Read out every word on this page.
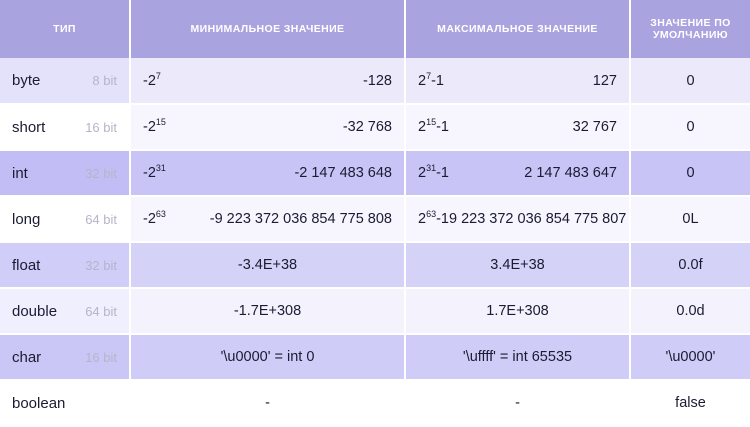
ТИП	МИНИМАЛЬНОЕ ЗНАЧЕНИЕ	МАКСИМАЛЬНОЕ ЗНАЧЕНИЕ	ЗНАЧЕНИЕ ПО УМОЛЧАНИЮ

byte 8 bit	$-2^7$ -128	$2^7-1$ 127	0

short 16 bit	$-2^{15}$ -32 768	$2^{15}-1$ 32 767	0

int 32 bit	$-2^{31}$ -2 147 483 648	$2^{31}-1$ 2 147 483 647	0

long 64 bit	$-2^{63}$ -9 223 372 036 854 775 808	$2^{63}-1$ 9 223 372 036 854 775 807	0L

float 32 bit	-3.4E+38	3.4E+38	0.0f

double 64 bit	-1.7E+308	1.7E+308	0.0d

char 16 bit	'\u0000' = int 0	'\uffff' = int 65535	'\u0000'

boolean	-	-	false
